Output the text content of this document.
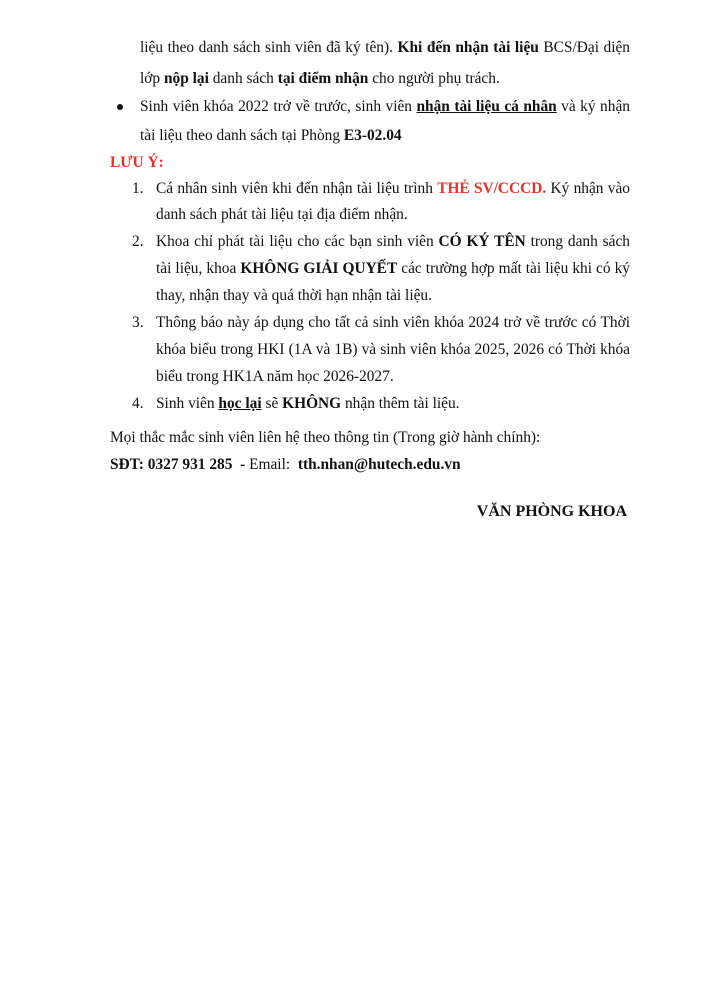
liệu theo danh sách sinh viên đã ký tên). Khi đến nhận tài liệu BCS/Đại diện
lớp nộp lại danh sách tại điểm nhận cho người phụ trách.
Sinh viên khóa 2022 trở về trước, sinh viên nhận tài liệu cá nhân và ký nhận
tài liệu theo danh sách tại Phòng E3-02.04
LƯU Ý:
1. Cá nhân sinh viên khi đến nhận tài liệu trình THẺ SV/CCCD. Ký nhận vào
danh sách phát tài liệu tại địa điểm nhận.
2. Khoa chỉ phát tài liệu cho các bạn sinh viên CÓ KÝ TÊN trong danh sách
tài liệu, khoa KHÔNG GIẢI QUYẾT các trường hợp mất tài liệu khi có ký
thay, nhận thay và quá thời hạn nhận tài liệu.
3. Thông báo này áp dụng cho tất cả sinh viên khóa 2024 trở về trước có Thời
khóa biểu trong HKI (1A và 1B) và sinh viên khóa 2025, 2026 có Thời khóa
biểu trong HK1A năm học 2026-2027.
4. Sinh viên học lại sẽ KHÔNG nhận thêm tài liệu.
Mọi thắc mắc sinh viên liên hệ theo thông tin (Trong giờ hành chính):
SĐT: 0327 931 285  - Email:  tth.nhan@hutech.edu.vn
VĂN PHÒNG KHOA
